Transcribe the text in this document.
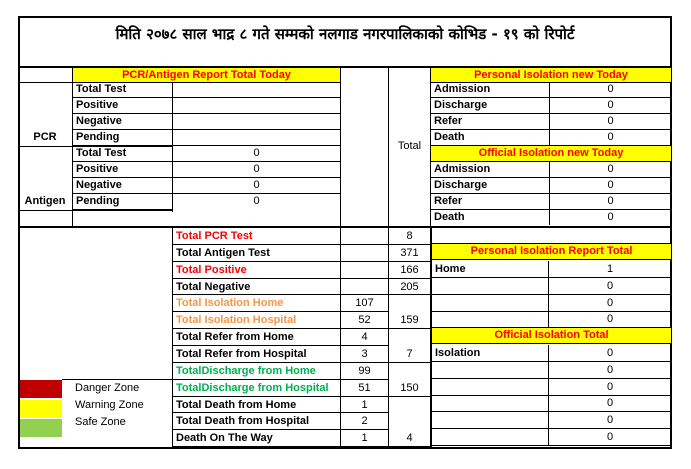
मिति २०७८ साल भाद्र ८ गते सम्मको नलगाड नगरपालिकाको कोभिड - १९ को रिपोर्ट
PCR/Antigen Report Total Today
PCR
Antigen
Total Test
Positive
Negative
Pending
Total Test	0
Positive	0
Negative	0
Pending	0
Total
Personal Isolation new Today
Admission	0
Discharge	0
Refer	0
Death	0
Official Isolation new Today
Admission	0
Discharge	0
Refer	0
Death	0
Total PCR Test	8
Total Antigen Test	371
Total Positive	166
Total Negative	205
Total Isolation Home	107
Total Isolation Hospital	52	159
Total Refer from Home	4
Total Refer from Hospital	3	7
TotalDischarge from Home	99
TotalDischarge from Hospital	51	150
Total Death from Home	1
Total Death from Hospital	2
Death On The Way	1	4
Personal Isolation Report Total
Home	1
0
0
0
Official Isolation Total
Isolation	0
0
0
0
0
0
Danger Zone
Warning Zone
Safe Zone
